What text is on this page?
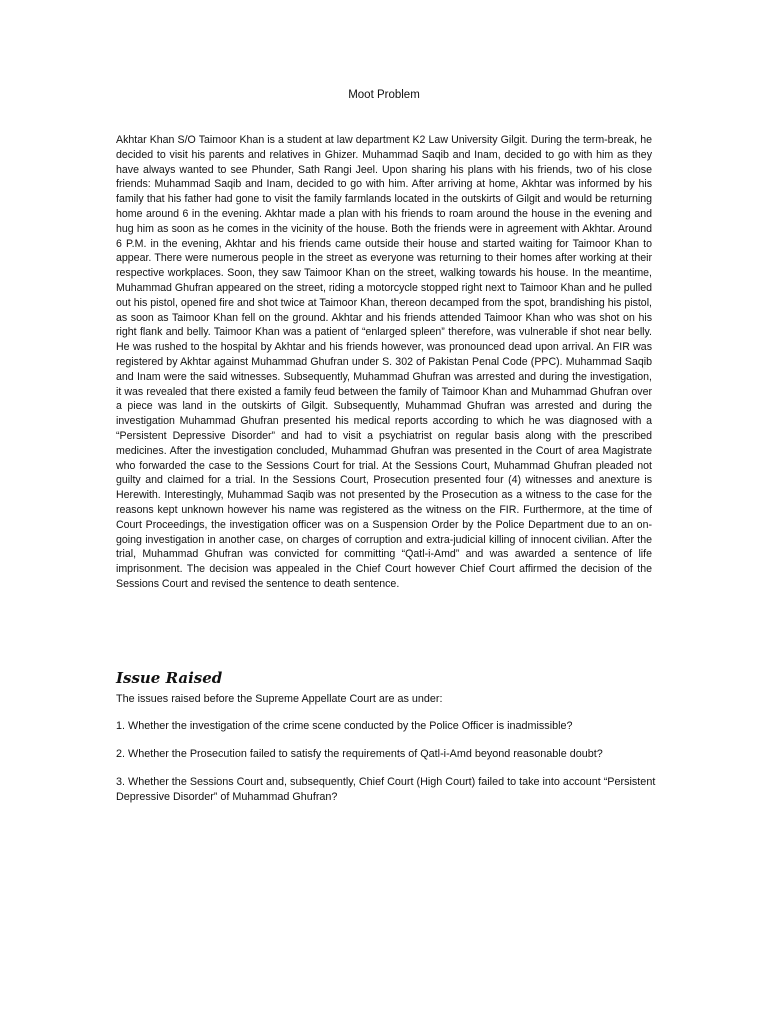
Moot Problem

Akhtar Khan S/O Taimoor Khan is a student at law department K2 Law University Gilgit. During the term-break, he decided to visit his parents and relatives in Ghizer. Muhammad Saqib and Inam, decided to go with him as they have always wanted to see Phunder, Sath Rangi Jeel. Upon sharing his plans with his friends, two of his close friends: Muhammad Saqib and Inam, decided to go with him. After arriving at home, Akhtar was informed by his family that his father had gone to visit the family farmlands located in the outskirts of Gilgit and would be returning home around 6 in the evening. Akhtar made a plan with his friends to roam around the house in the evening and hug him as soon as he comes in the vicinity of the house. Both the friends were in agreement with Akhtar. Around 6 P.M. in the evening, Akhtar and his friends came outside their house and started waiting for Taimoor Khan to appear. There were numerous people in the street as everyone was returning to their homes after working at their respective workplaces. Soon, they saw Taimoor Khan on the street, walking towards his house. In the meantime, Muhammad Ghufran appeared on the street, riding a motorcycle stopped right next to Taimoor Khan and he pulled out his pistol, opened fire and shot twice at Taimoor Khan, thereon decamped from the spot, brandishing his pistol, as soon as Taimoor Khan fell on the ground. Akhtar and his friends attended Taimoor Khan who was shot on his right flank and belly. Taimoor Khan was a patient of “enlarged spleen” therefore, was vulnerable if shot near belly. He was rushed to the hospital by Akhtar and his friends however, was pronounced dead upon arrival. An FIR was registered by Akhtar against Muhammad Ghufran under S. 302 of Pakistan Penal Code (PPC). Muhammad Saqib and Inam were the said witnesses. Subsequently, Muhammad Ghufran was arrested and during the investigation, it was revealed that there existed a family feud between the family of Taimoor Khan and Muhammad Ghufran over a piece was land in the outskirts of Gilgit. Subsequently, Muhammad Ghufran was arrested and during the investigation Muhammad Ghufran presented his medical reports according to which he was diagnosed with a “Persistent Depressive Disorder” and had to visit a psychiatrist on regular basis along with the prescribed medicines. After the investigation concluded, Muhammad Ghufran was presented in the Court of area Magistrate who forwarded the case to the Sessions Court for trial. At the Sessions Court, Muhammad Ghufran pleaded not guilty and claimed for a trial. In the Sessions Court, Prosecution presented four (4) witnesses and anexture is Herewith. Interestingly, Muhammad Saqib was not presented by the Prosecution as a witness to the case for the reasons kept unknown however his name was registered as the witness on the FIR. Furthermore, at the time of Court Proceedings, the investigation officer was on a Suspension Order by the Police Department due to an on-going investigation in another case, on charges of corruption and extra-judicial killing of innocent civilian. After the trial, Muhammad Ghufran was convicted for committing “Qatl-i-Amd” and was awarded a sentence of life imprisonment. The decision was appealed in the Chief Court however Chief Court affirmed the decision of the Sessions Court and revised the sentence to death sentence.

Issue Raised

The issues raised before the Supreme Appellate Court are as under:

1. Whether the investigation of the crime scene conducted by the Police Officer is inadmissible?

2. Whether the Prosecution failed to satisfy the requirements of Qatl-i-Amd beyond reasonable doubt?

3. Whether the Sessions Court and, subsequently, Chief Court (High Court) failed to take into account “Persistent Depressive Disorder” of Muhammad Ghufran?
